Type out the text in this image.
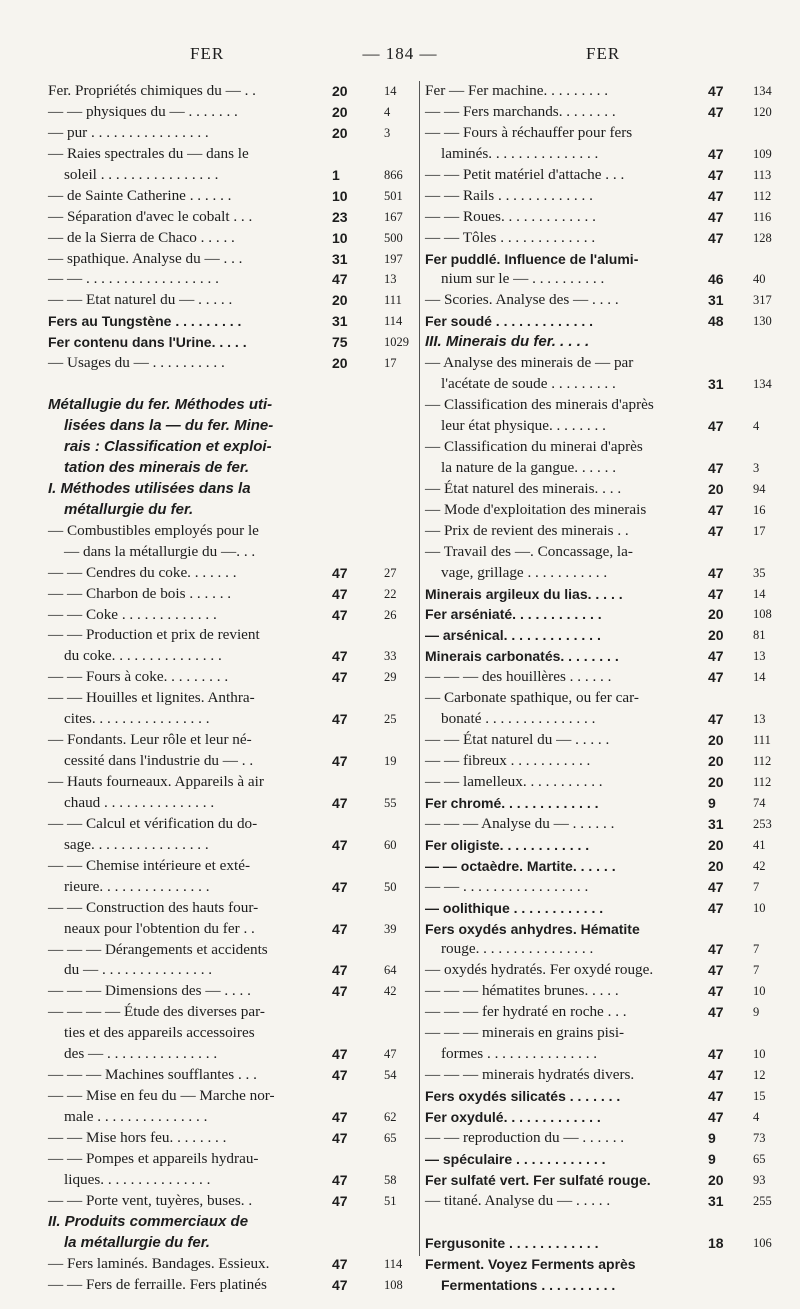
FER	— 184 —	FER
Fer. Propriétés chimiques du — . .	20	14
— — physiques du — . . . . . . .	20	4
— pur . . . . . . . . . . . . . . . .	20	3
— Raies spectrales du — dans le
soleil . . . . . . . . . . . . . . . .	1	866
— de Sainte Catherine . . . . . .	10	501
— Séparation d'avec le cobalt . . .	23	167
— de la Sierra de Chaco . . . . .	10	500
— spathique. Analyse du — . . .	31	197
— — . . . . . . . . . . . . . . . . . .	47	13
— — Etat naturel du — . . . . .	20	111
Fers au Tungstène . . . . . . . . .	31	114
Fer contenu dans l'Urine. . . . .	75	1029
— Usages du — . . . . . . . . . .	20	17
Métallugie du fer. Méthodes uti-
lisées dans la — du fer. Mine-
rais : Classification et exploi-
tation des minerais de fer.
I. Méthodes utilisées dans la
métallurgie du fer.
— Combustibles employés pour le
— dans la métallurgie du —. . .
— — Cendres du coke. . . . . . .	47	27
— — Charbon de bois . . . . . .	47	22
— — Coke . . . . . . . . . . . . .	47	26
— — Production et prix de revient
du coke. . . . . . . . . . . . . . .	47	33
— — Fours à coke. . . . . . . . .	47	29
— — Houilles et lignites. Anthra-
cites. . . . . . . . . . . . . . . .	47	25
— Fondants. Leur rôle et leur né-
cessité dans l'industrie du — . .	47	19
— Hauts fourneaux. Appareils à air
chaud . . . . . . . . . . . . . . .	47	55
— — Calcul et vérification du do-
sage. . . . . . . . . . . . . . . .	47	60
— — Chemise intérieure et exté-
rieure. . . . . . . . . . . . . . .	47	50
— — Construction des hauts four-
neaux pour l'obtention du fer . .	47	39
— — — Dérangements et accidents
du — . . . . . . . . . . . . . . .	47	64
— — — Dimensions des — . . . .	47	42
— — — — Étude des diverses par-
ties et des appareils accessoires
des — . . . . . . . . . . . . . . .	47	47
— — — Machines soufflantes . . .	47	54
— — Mise en feu du — Marche nor-
male . . . . . . . . . . . . . . .	47	62
— — Mise hors feu. . . . . . . .	47	65
— — Pompes et appareils hydrau-
liques. . . . . . . . . . . . . . .	47	58
— — Porte vent, tuyères, buses. .	47	51
II. Produits commerciaux de
la métallurgie du fer.
— Fers laminés. Bandages. Essieux.	47	114
— — Fers de ferraille. Fers platinés	47	108
Fer — Fer machine. . . . . . . . .	47 134
— — Fers marchands. . . . . . . .	47 120
— — Fours à réchauffer pour fers
laminés. . . . . . . . . . . . . . .	47 109
— — Petit matériel d'attache . . .	47 113
— — Rails . . . . . . . . . . . . .	47 112
— — Roues. . . . . . . . . . . . .	47 116
— — Tôles . . . . . . . . . . . . .	47 128
Fer puddlé. Influence de l'alumi-
nium sur le — . . . . . . . . . .	46 40
— Scories. Analyse des — . . . .	31 317
Fer soudé . . . . . . . . . . . . .	48 130
III. Minerais du fer. . . . .
— Analyse des minerais de — par
l'acétate de soude . . . . . . . . .	31 134
— Classification des minerais d'après
leur état physique. . . . . . . .	47 4
— Classification du minerai d'après
la nature de la gangue. . . . . .	47 3
— État naturel des minerais. . . .	20 94
— Mode d'exploitation des minerais	47 16
— Prix de revient des minerais . .	47 17
— Travail des —. Concassage, la-
vage, grillage . . . . . . . . . . .	47 35
Minerais argileux du lias. . . . .	47 14
Fer arséniaté. . . . . . . . . . . .	20 108
— arsénical. . . . . . . . . . . . .	20 81
Minerais carbonatés. . . . . . . .	47 13
— — — des houillères . . . . . .	47 14
— Carbonate spathique, ou fer car-
bonaté . . . . . . . . . . . . . . .	47 13
— — État naturel du — . . . . .	20 111
— — fibreux . . . . . . . . . . .	20 112
— — lamelleux. . . . . . . . . . .	20 112
Fer chromé. . . . . . . . . . . . .	9	74
— — — Analyse du — . . . . . .	31 253
Fer oligiste. . . . . . . . . . . .	20 41
— — octaèdre. Martite. . . . . .	20 42
— — . . . . . . . . . . . . . . . . .	47 7
— oolithique . . . . . . . . . . . .	47 10
Fers oxydés anhydres. Hématite
rouge. . . . . . . . . . . . . . . .	47 7
— oxydés hydratés. Fer oxydé rouge.	47 7
— — — hématites brunes. . . . .	47 10
— — — fer hydraté en roche . . .	47 9
— — — minerais en grains pisi-
formes . . . . . . . . . . . . . . .	47 10
— — — minerais hydratés divers.	47 12
Fers oxydés silicatés . . . . . . .	47 15
Fer oxydulé. . . . . . . . . . . . .	47 4
— — reproduction du — . . . . . .	9	73
— spéculaire . . . . . . . . . . . .	9	65
Fer sulfaté vert. Fer sulfaté rouge.	20 93
— titané. Analyse du — . . . . .	31 255
Fergusonite . . . . . . . . . . . .	18 106
Ferment. Voyez Ferments après
Fermentations . . . . . . . . . .
